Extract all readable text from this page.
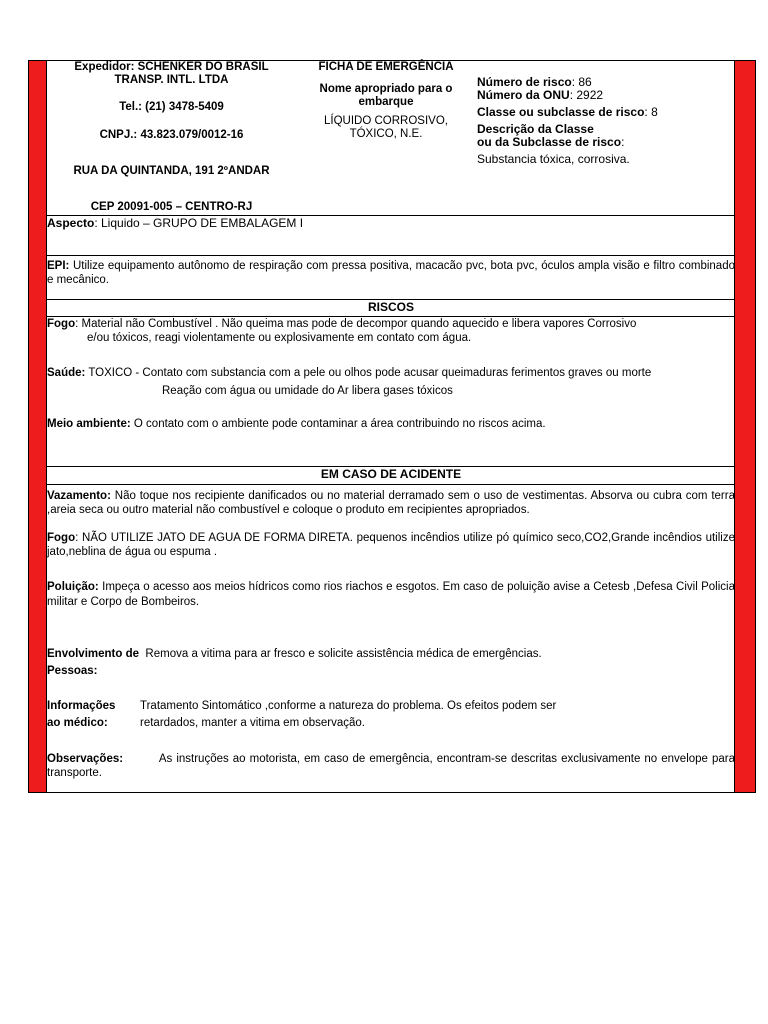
Expedidor: SCHENKER DO BRASIL
TRANSP. INTL. LTDA
Tel.: (21) 3478-5409
CNPJ.: 43.823.079/0012-16
RUA DA QUINTANDA, 191 2ºANDAR
CEP 20091-005 – CENTRO-RJ
FICHA DE EMERGÊNCIA
Nome apropriado para o embarque
LÍQUIDO CORROSIVO, TÓXICO, N.E.
Número de risco: 86
Número da ONU: 2922
Classe ou subclasse de risco: 8
Descrição da Classe
ou da Subclasse de risco:
Substancia tóxica, corrosiva.
Aspecto: Liquido – GRUPO DE EMBALAGEM I
EPI: Utilize equipamento autônomo de respiração com pressa positiva, macacão pvc, bota pvc, óculos ampla visão e filtro combinado e mecânico.
RISCOS
Fogo: Material não Combustível . Não queima mas pode de decompor quando aquecido e libera vapores Corrosivo
e/ou tóxicos, reagi violentamente ou explosivamente em contato com água.
Saúde: TOXICO - Contato com substancia com a pele ou olhos pode acusar queimaduras ferimentos graves ou morte
Reação com água ou umidade do Ar libera gases tóxicos
Meio ambiente: O contato com o ambiente pode contaminar a área contribuindo no riscos acima.
EM CASO DE ACIDENTE
Vazamento: Não toque nos recipiente danificados ou no material derramado sem o uso de vestimentas. Absorva ou cubra com terra ,areia seca ou outro material não combustível e coloque o produto em recipientes apropriados.
Fogo: NÃO UTILIZE JATO DE AGUA DE FORMA DIRETA. pequenos incêndios utilize pó químico seco,CO2,Grande incêndios utilize jato,neblina de água ou espuma .
Poluição: Impeça o acesso aos meios hídricos como rios riachos e esgotos. Em caso de poluição avise a Cetesb ,Defesa Civil Policia militar e Corpo de Bombeiros.
Envolvimento de Remova a vitima para ar fresco e solicite assistência médica de emergências.
Pessoas:
Informações Tratamento Sintomático ,conforme a natureza do problema. Os efeitos podem ser
ao médico:	retardados, manter a vitima em observação.
Observações:         As instruções ao motorista, em caso de emergência, encontram-se descritas exclusivamente no envelope para transporte.
